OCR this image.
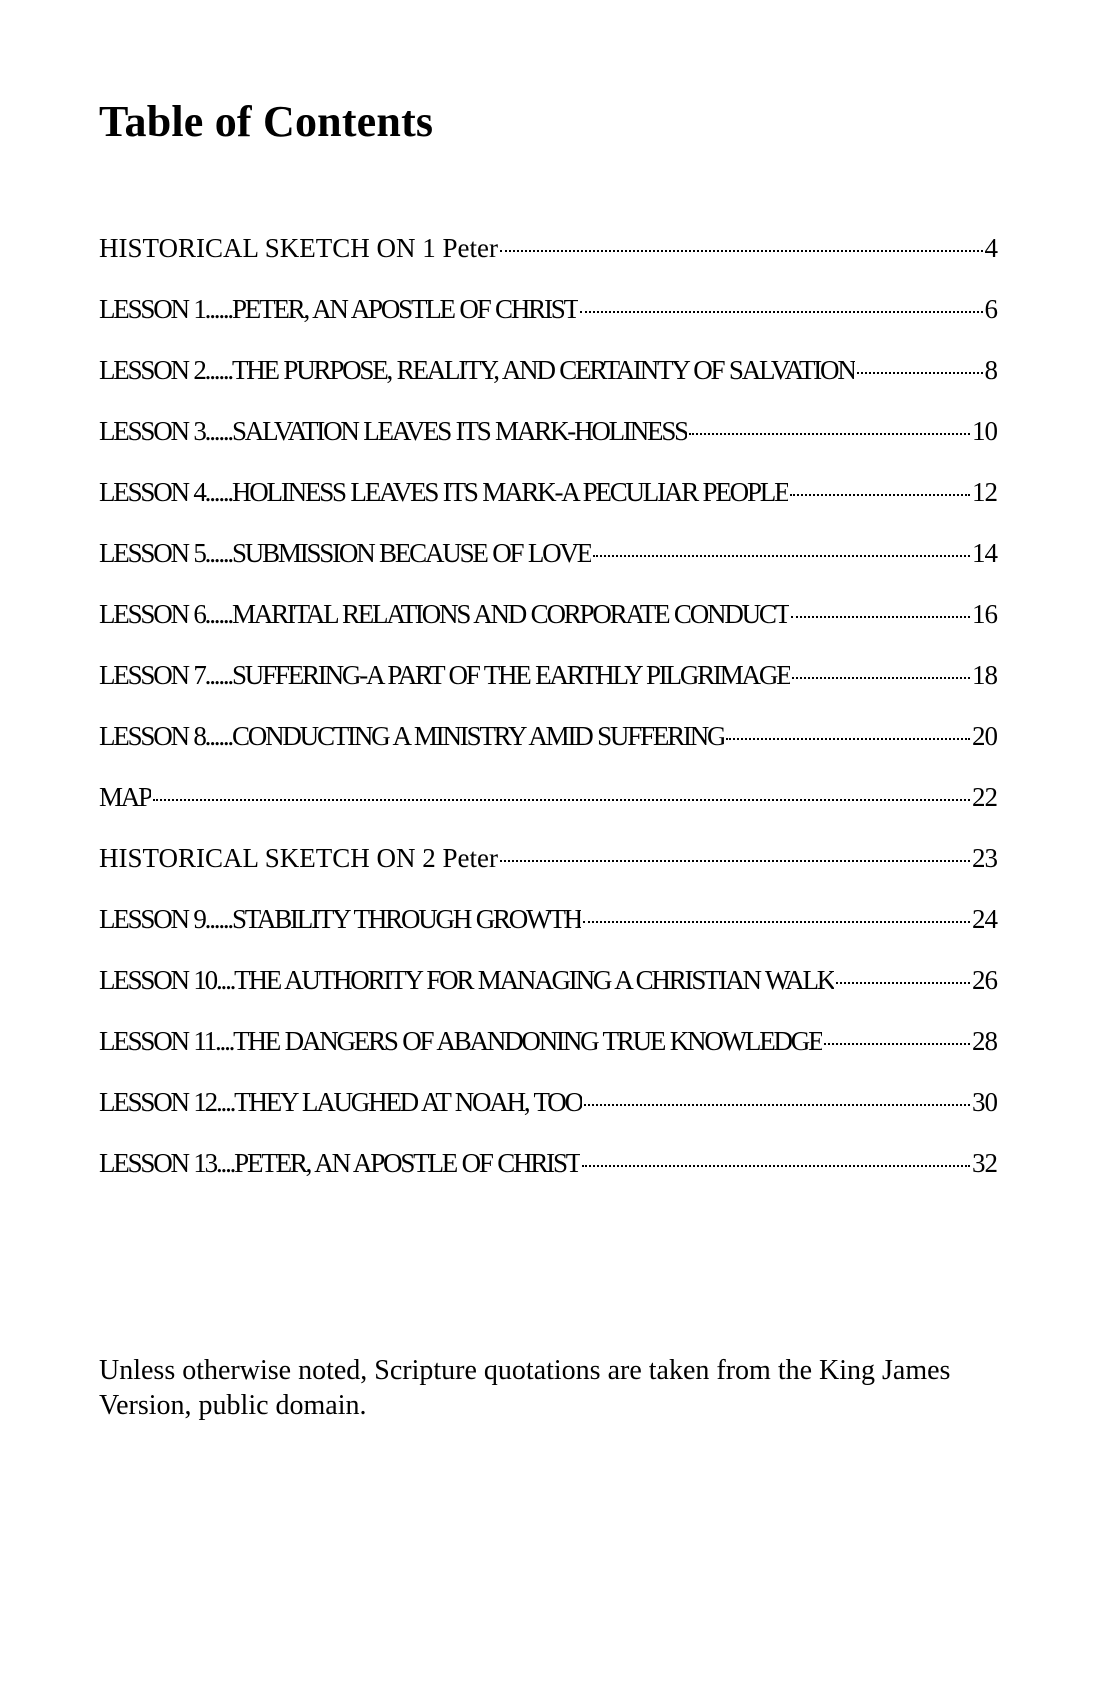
Table of Contents
HISTORICAL SKETCH ON 1 Peter	4
LESSON 1......PETER, AN APOSTLE OF CHRIST	6
LESSON 2......THE PURPOSE, REALITY, AND CERTAINTY OF SALVATION	8
LESSON 3......SALVATION LEAVES ITS MARK-HOLINESS	10
LESSON 4......HOLINESS LEAVES ITS MARK-A PECULIAR PEOPLE	12
LESSON 5......SUBMISSION BECAUSE OF LOVE	14
LESSON 6......MARITAL RELATIONS AND CORPORATE CONDUCT	16
LESSON 7......SUFFERING-A PART OF THE EARTHLY PILGRIMAGE	18
LESSON 8......CONDUCTING A MINISTRY AMID SUFFERING	20
MAP	22
HISTORICAL SKETCH ON 2 Peter	23
LESSON 9......STABILITY THROUGH GROWTH	24
LESSON 10....THE AUTHORITY FOR MANAGING A CHRISTIAN WALK	26
LESSON 11....THE DANGERS OF ABANDONING TRUE KNOWLEDGE	28
LESSON 12....THEY LAUGHED AT NOAH, TOO	30
LESSON 13....PETER, AN APOSTLE OF CHRIST	32

Unless otherwise noted, Scripture quotations are taken from the King James Version, public domain.
